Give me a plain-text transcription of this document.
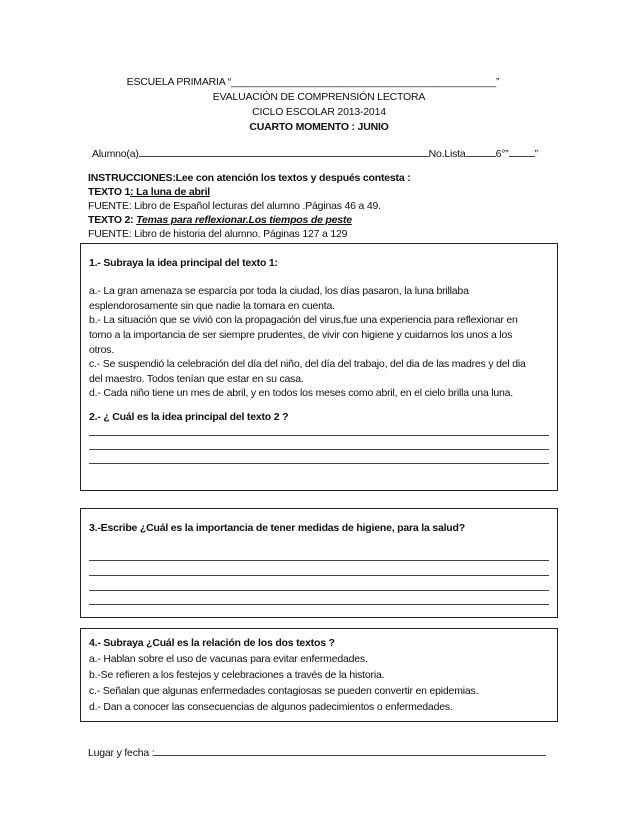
ESCUELA PRIMARIA “_______________________________________________”
EVALUACIÓN DE COMPRENSIÓN LECTORA
CICLO ESCOLAR 2013-2014
CUARTO MOMENTO : JUNIO
Alumno(a)	No.Lista	6°” ”
INSTRUCCIONES:Lee con atención los textos y después contesta :
TEXTO 1: La luna de abril
FUENTE: Libro de Español lecturas del alumno .Páginas 46 a 49.
TEXTO 2: Temas para reflexionar.Los tiempos de peste
FUENTE: Libro de historia del alumno. Páginas 127 a 129
1.- Subraya la idea principal del texto 1:
a.- La gran amenaza se esparcía por toda la ciudad, los días pasaron, la luna brillaba
esplendorosamente sin que nadie la tomara en cuenta.
b.- La situación que se vivió con la propagación del virus,fue una experiencia para reflexionar en
torno a la importancia de ser siempre prudentes, de vivir con higiene y cuidarnos los unos a los
otros.
c.- Se suspendió la celebración del día del niño, del día del trabajo, del dia de las madres y del dia
del maestro. Todos tenían que estar en su casa.
d.- Cada niño tiene un mes de abril, y en todos los meses como abril, en el cielo brilla una luna.
2.- ¿ Cuál es la idea principal del texto 2 ?
3.-Escribe ¿Cuál es la importancia de tener medidas de higiene, para la salud?
4.- Subraya ¿Cuál es la relación de los dos textos ?
a.- Hablan sobre el uso de vacunas para evitar enfermedades.
b.-Se refieren a los festejos y celebraciones a través de la historia.
c.- Señalan que algunas enfermedades contagiosas se pueden convertir en epidemias.
d.- Dan a conocer las consecuencias de algunos padecimientos o enfermedades.
Lugar y fecha :
